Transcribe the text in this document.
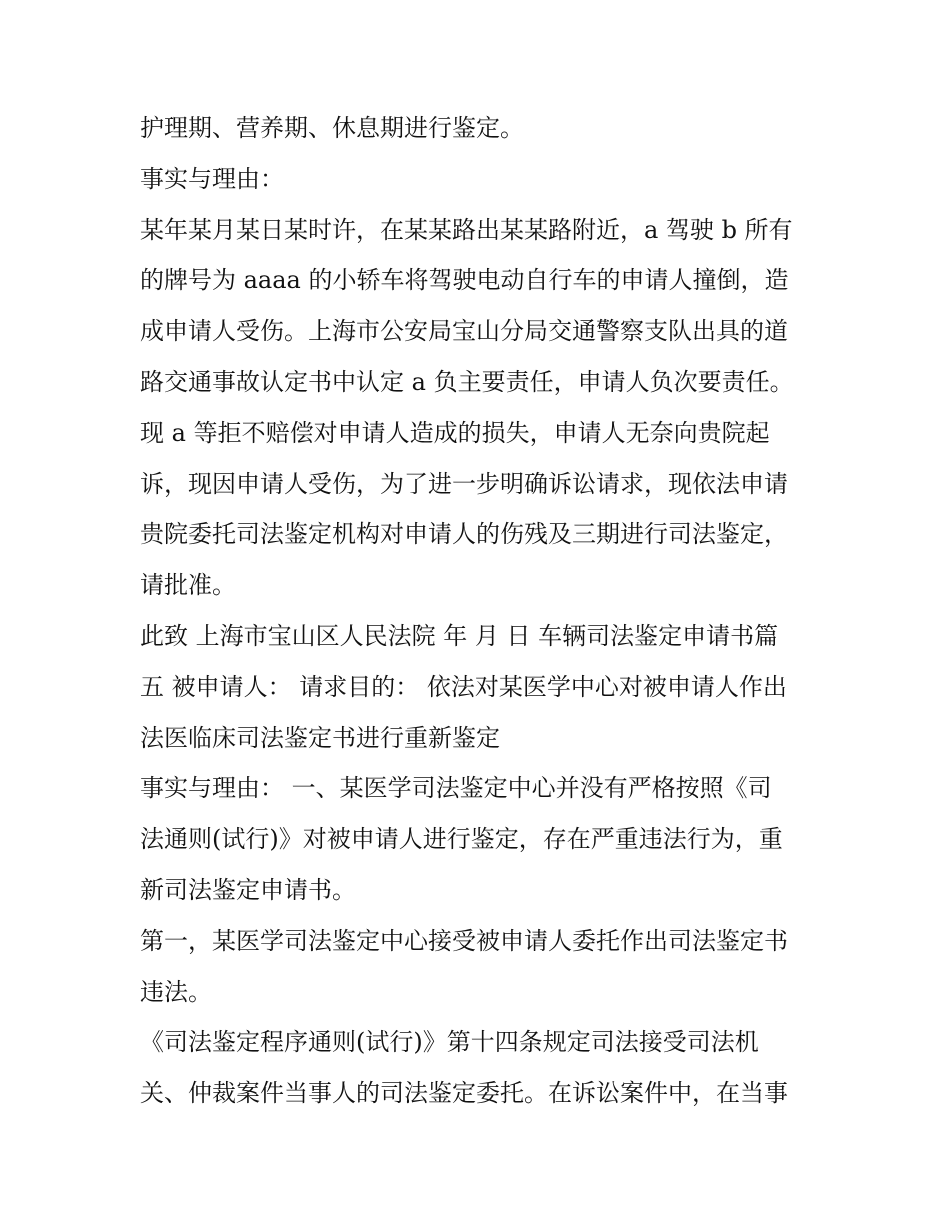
护理期、营养期、休息期进行鉴定。
事实与理由：
某年某月某日某时许，在某某路出某某路附近，a 驾驶 b 所有
的牌号为 aaaa 的小轿车将驾驶电动自行车的申请人撞倒，造
成申请人受伤。上海市公安局宝山分局交通警察支队出具的道
路交通事故认定书中认定 a 负主要责任，申请人负次要责任。
现 a 等拒不赔偿对申请人造成的损失，申请人无奈向贵院起
诉，现因申请人受伤，为了进一步明确诉讼请求，现依法申请
贵院委托司法鉴定机构对申请人的伤残及三期进行司法鉴定，
请批准。
此致 上海市宝山区人民法院 年 月 日 车辆司法鉴定申请书篇
五 被申请人： 请求目的： 依法对某医学中心对被申请人作出
法医临床司法鉴定书进行重新鉴定
事实与理由： 一、某医学司法鉴定中心并没有严格按照《司
法通则(试行)》对被申请人进行鉴定，存在严重违法行为，重
新司法鉴定申请书。
第一，某医学司法鉴定中心接受被申请人委托作出司法鉴定书
违法。
《司法鉴定程序通则(试行)》第十四条规定司法接受司法机
关、仲裁案件当事人的司法鉴定委托。在诉讼案件中，在当事
